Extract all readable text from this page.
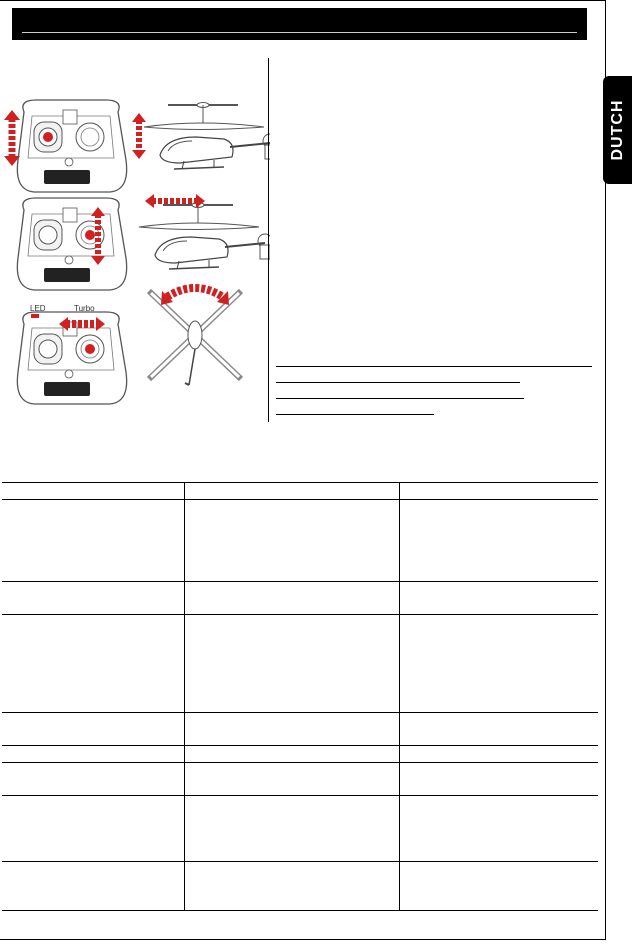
DUTCH
LED	Turbo
